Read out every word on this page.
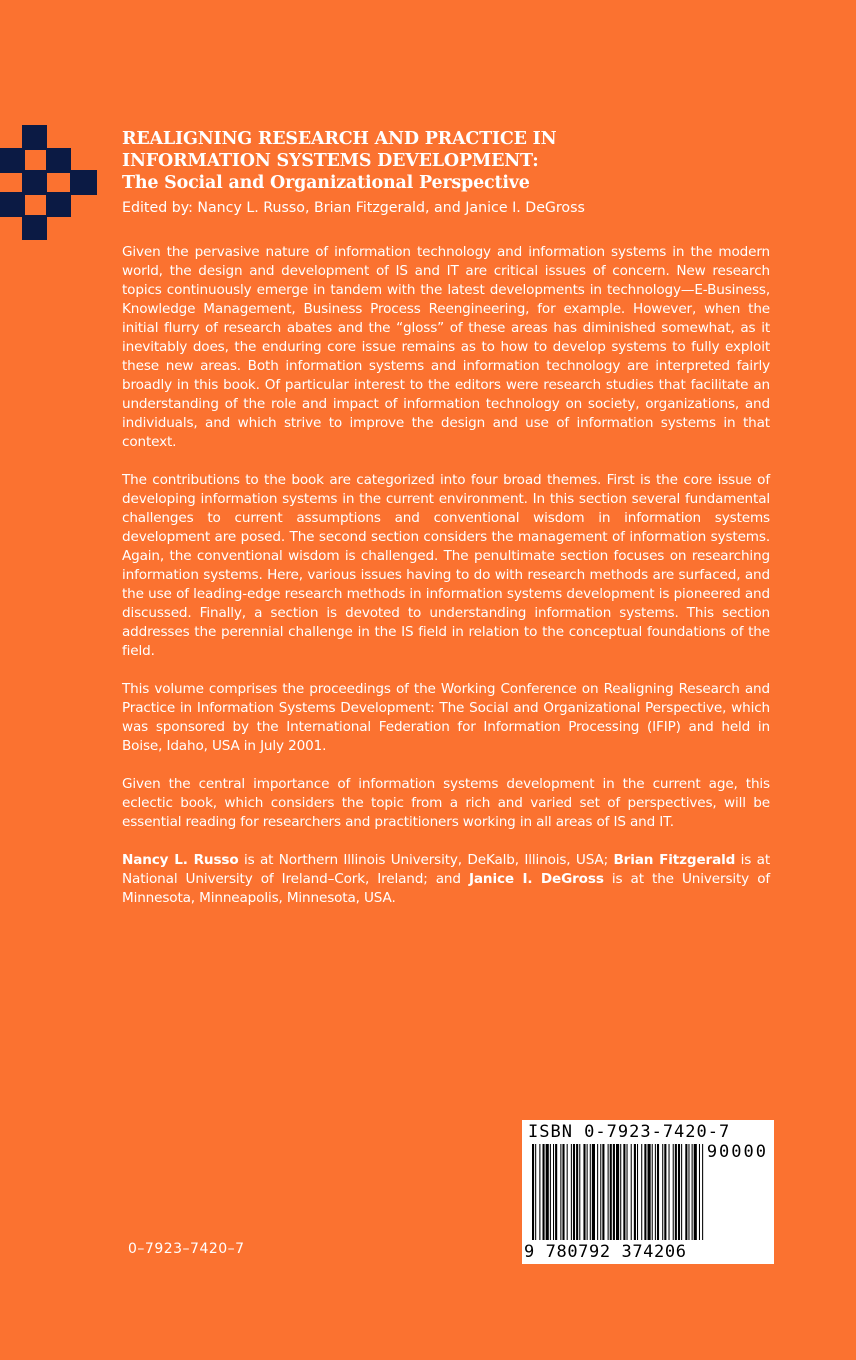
REALIGNING RESEARCH AND PRACTICE IN

INFORMATION SYSTEMS DEVELOPMENT:

The Social and Organizational Perspective

Edited by: Nancy L. Russo, Brian Fitzgerald, and Janice I. DeGross

Given the pervasive nature of information technology and information systems in the modern world, the design and development of IS and IT are critical issues of concern. New research topics continuously emerge in tandem with the latest developments in technology—E-Business, Knowledge Management, Business Process Reengineering, for example. However, when the initial flurry of research abates and the “gloss” of these areas has diminished somewhat, as it inevitably does, the enduring core issue remains as to how to develop systems to fully exploit these new areas. Both information systems and information technology are interpreted fairly broadly in this book. Of particular interest to the editors were research studies that facilitate an understanding of the role and impact of information technology on society, organizations, and individuals, and which strive to improve the design and use of information systems in that context.

The contributions to the book are categorized into four broad themes. First is the core issue of developing information systems in the current environment. In this section several fundamental challenges to current assumptions and conventional wisdom in information systems development are posed. The second section considers the management of information systems. Again, the conventional wisdom is challenged. The penultimate section focuses on researching information systems. Here, various issues having to do with research methods are surfaced, and the use of leading-edge research methods in information systems development is pioneered and discussed. Finally, a section is devoted to understanding information systems. This section addresses the perennial challenge in the IS field in relation to the conceptual foundations of the field.

This volume comprises the proceedings of the Working Conference on Realigning Research and Practice in Information Systems Development: The Social and Organizational Perspective, which was sponsored by the International Federation for Information Processing (IFIP) and held in Boise, Idaho, USA in July 2001.

Given the central importance of information systems development in the current age, this eclectic book, which considers the topic from a rich and varied set of perspectives, will be essential reading for researchers and practitioners working in all areas of IS and IT.

Nancy L. Russo is at Northern Illinois University, DeKalb, Illinois, USA; Brian Fitzgerald is at National University of Ireland–Cork, Ireland; and Janice I. DeGross is at the University of Minnesota, Minneapolis, Minnesota, USA.

ISBN 0-7923-7420-7
90000
9 780792 374206
0–7923–7420–7
